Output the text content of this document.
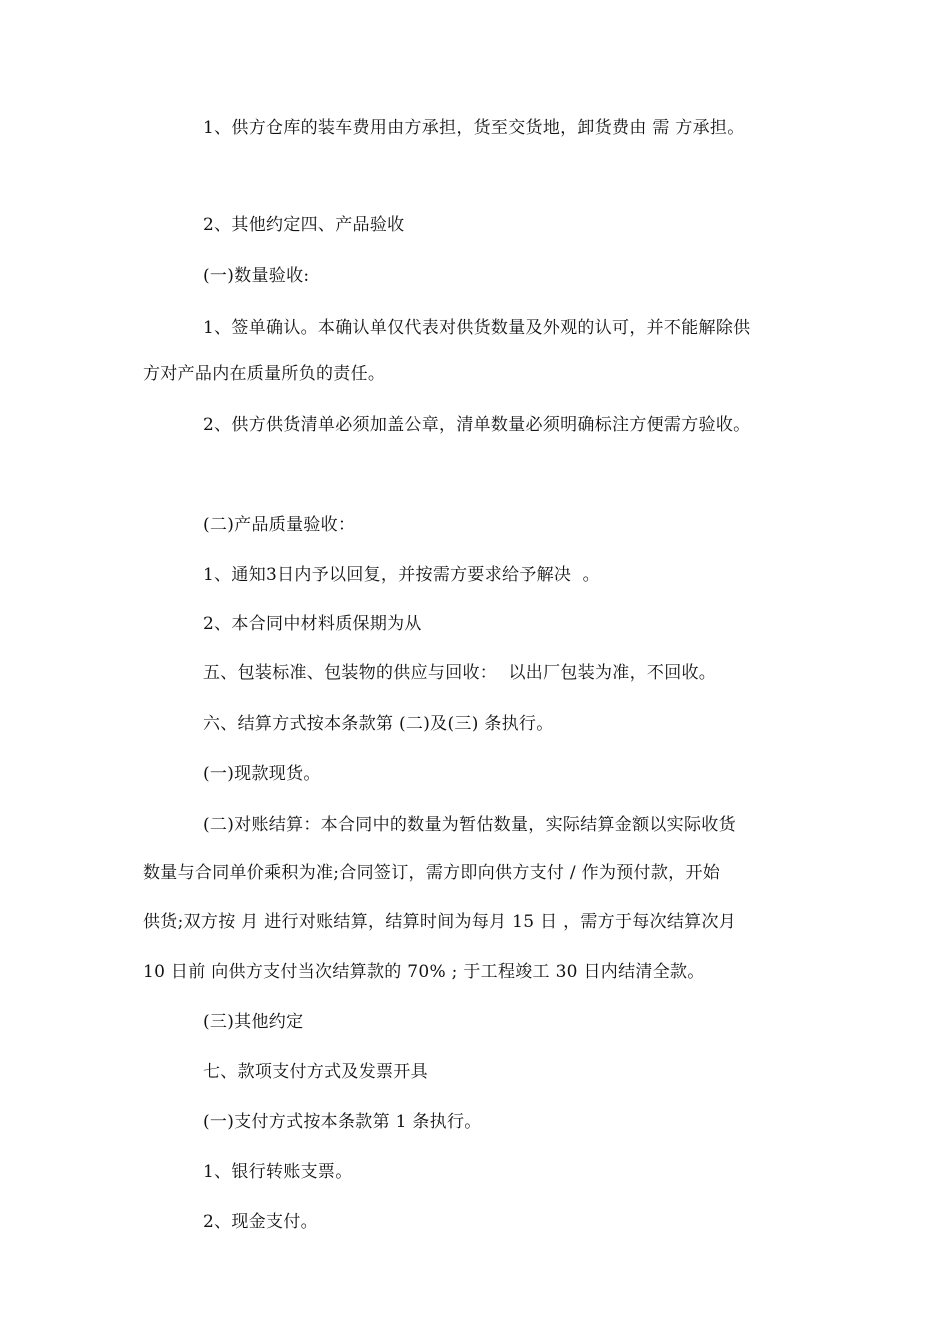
1、供方仓库的装车费用由方承担，货至交货地，卸货费由 需 方承担。
2、其他约定四、产品验收
(一)数量验收:
1、签单确认。本确认单仅代表对供货数量及外观的认可，并不能解除供
方对产品内在质量所负的责任。
2、供方供货清单必须加盖公章，清单数量必须明确标注方便需方验收。
(二)产品质量验收：
1、通知3日内予以回复，并按需方要求给予解决  。
2、本合同中材料质保期为从
五、包装标准、包装物的供应与回收：  以出厂包装为准，不回收。
六、结算方式按本条款第 (二)及(三) 条执行。
(一)现款现货。
(二)对账结算：本合同中的数量为暂估数量，实际结算金额以实际收货
数量与合同单价乘积为准;合同签订，需方即向供方支付 / 作为预付款，开始
供货;双方按 月 进行对账结算，结算时间为每月 15 日 ，需方于每次结算次月
10 日前 向供方支付当次结算款的 70% ; 于工程竣工 30 日内结清全款。
(三)其他约定
七、款项支付方式及发票开具
(一)支付方式按本条款第 1 条执行。
1、银行转账支票。
2、现金支付。
